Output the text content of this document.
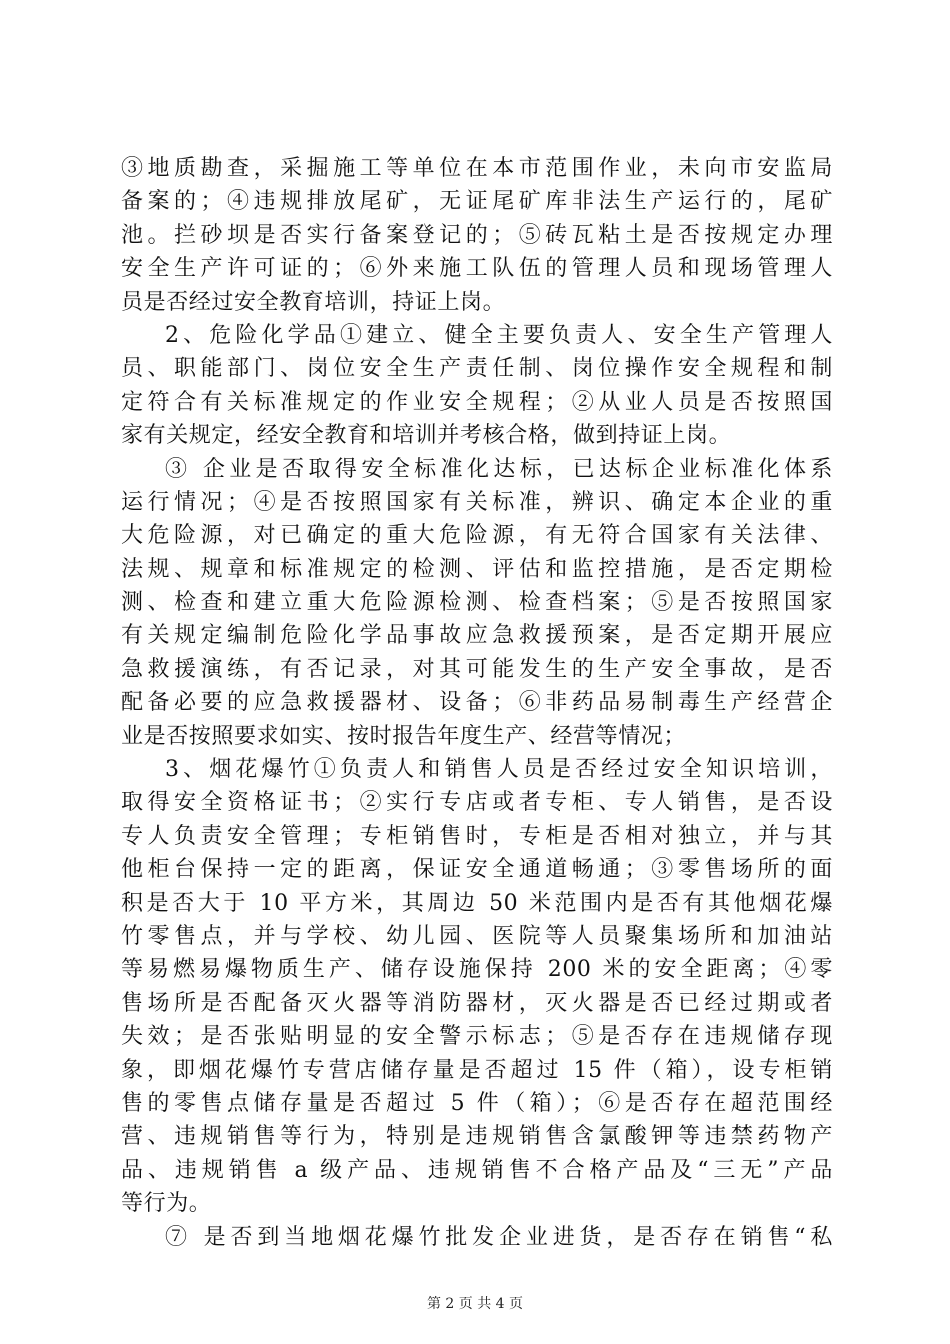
③地质勘查，采掘施工等单位在本市范围作业，未向市安监局
备案的；④违规排放尾矿，无证尾矿库非法生产运行的，尾矿
池。拦砂坝是否实行备案登记的；⑤砖瓦粘土是否按规定办理
安全生产许可证的；⑥外来施工队伍的管理人员和现场管理人
员是否经过安全教育培训，持证上岗。
2、危险化学品①建立、健全主要负责人、安全生产管理人
员、职能部门、岗位安全生产责任制、岗位操作安全规程和制
定符合有关标准规定的作业安全规程；②从业人员是否按照国
家有关规定，经安全教育和培训并考核合格，做到持证上岗。
③ 企业是否取得安全标准化达标，已达标企业标准化体系
运行情况；④是否按照国家有关标准，辨识、确定本企业的重
大危险源，对已确定的重大危险源，有无符合国家有关法律、
法规、规章和标准规定的检测、评估和监控措施，是否定期检
测、检查和建立重大危险源检测、检查档案；⑤是否按照国家
有关规定编制危险化学品事故应急救援预案，是否定期开展应
急救援演练，有否记录，对其可能发生的生产安全事故，是否
配备必要的应急救援器材、设备；⑥非药品易制毒生产经营企
业是否按照要求如实、按时报告年度生产、经营等情况；
3、烟花爆竹①负责人和销售人员是否经过安全知识培训，
取得安全资格证书；②实行专店或者专柜、专人销售，是否设
专人负责安全管理；专柜销售时，专柜是否相对独立，并与其
他柜台保持一定的距离，保证安全通道畅通；③零售场所的面
积是否大于 10 平方米，其周边 50 米范围内是否有其他烟花爆
竹零售点，并与学校、幼儿园、医院等人员聚集场所和加油站
等易燃易爆物质生产、储存设施保持 200 米的安全距离；④零
售场所是否配备灭火器等消防器材，灭火器是否已经过期或者
失效；是否张贴明显的安全警示标志；⑤是否存在违规储存现
象，即烟花爆竹专营店储存量是否超过 15 件（箱），设专柜销
售的零售点储存量是否超过 5 件（箱）；⑥是否存在超范围经
营、违规销售等行为，特别是违规销售含氯酸钾等违禁药物产
品、违规销售 a 级产品、违规销售不合格产品及“三无”产品
等行为。
⑦ 是否到当地烟花爆竹批发企业进货，是否存在销售“私
第 2 页 共 4 页
